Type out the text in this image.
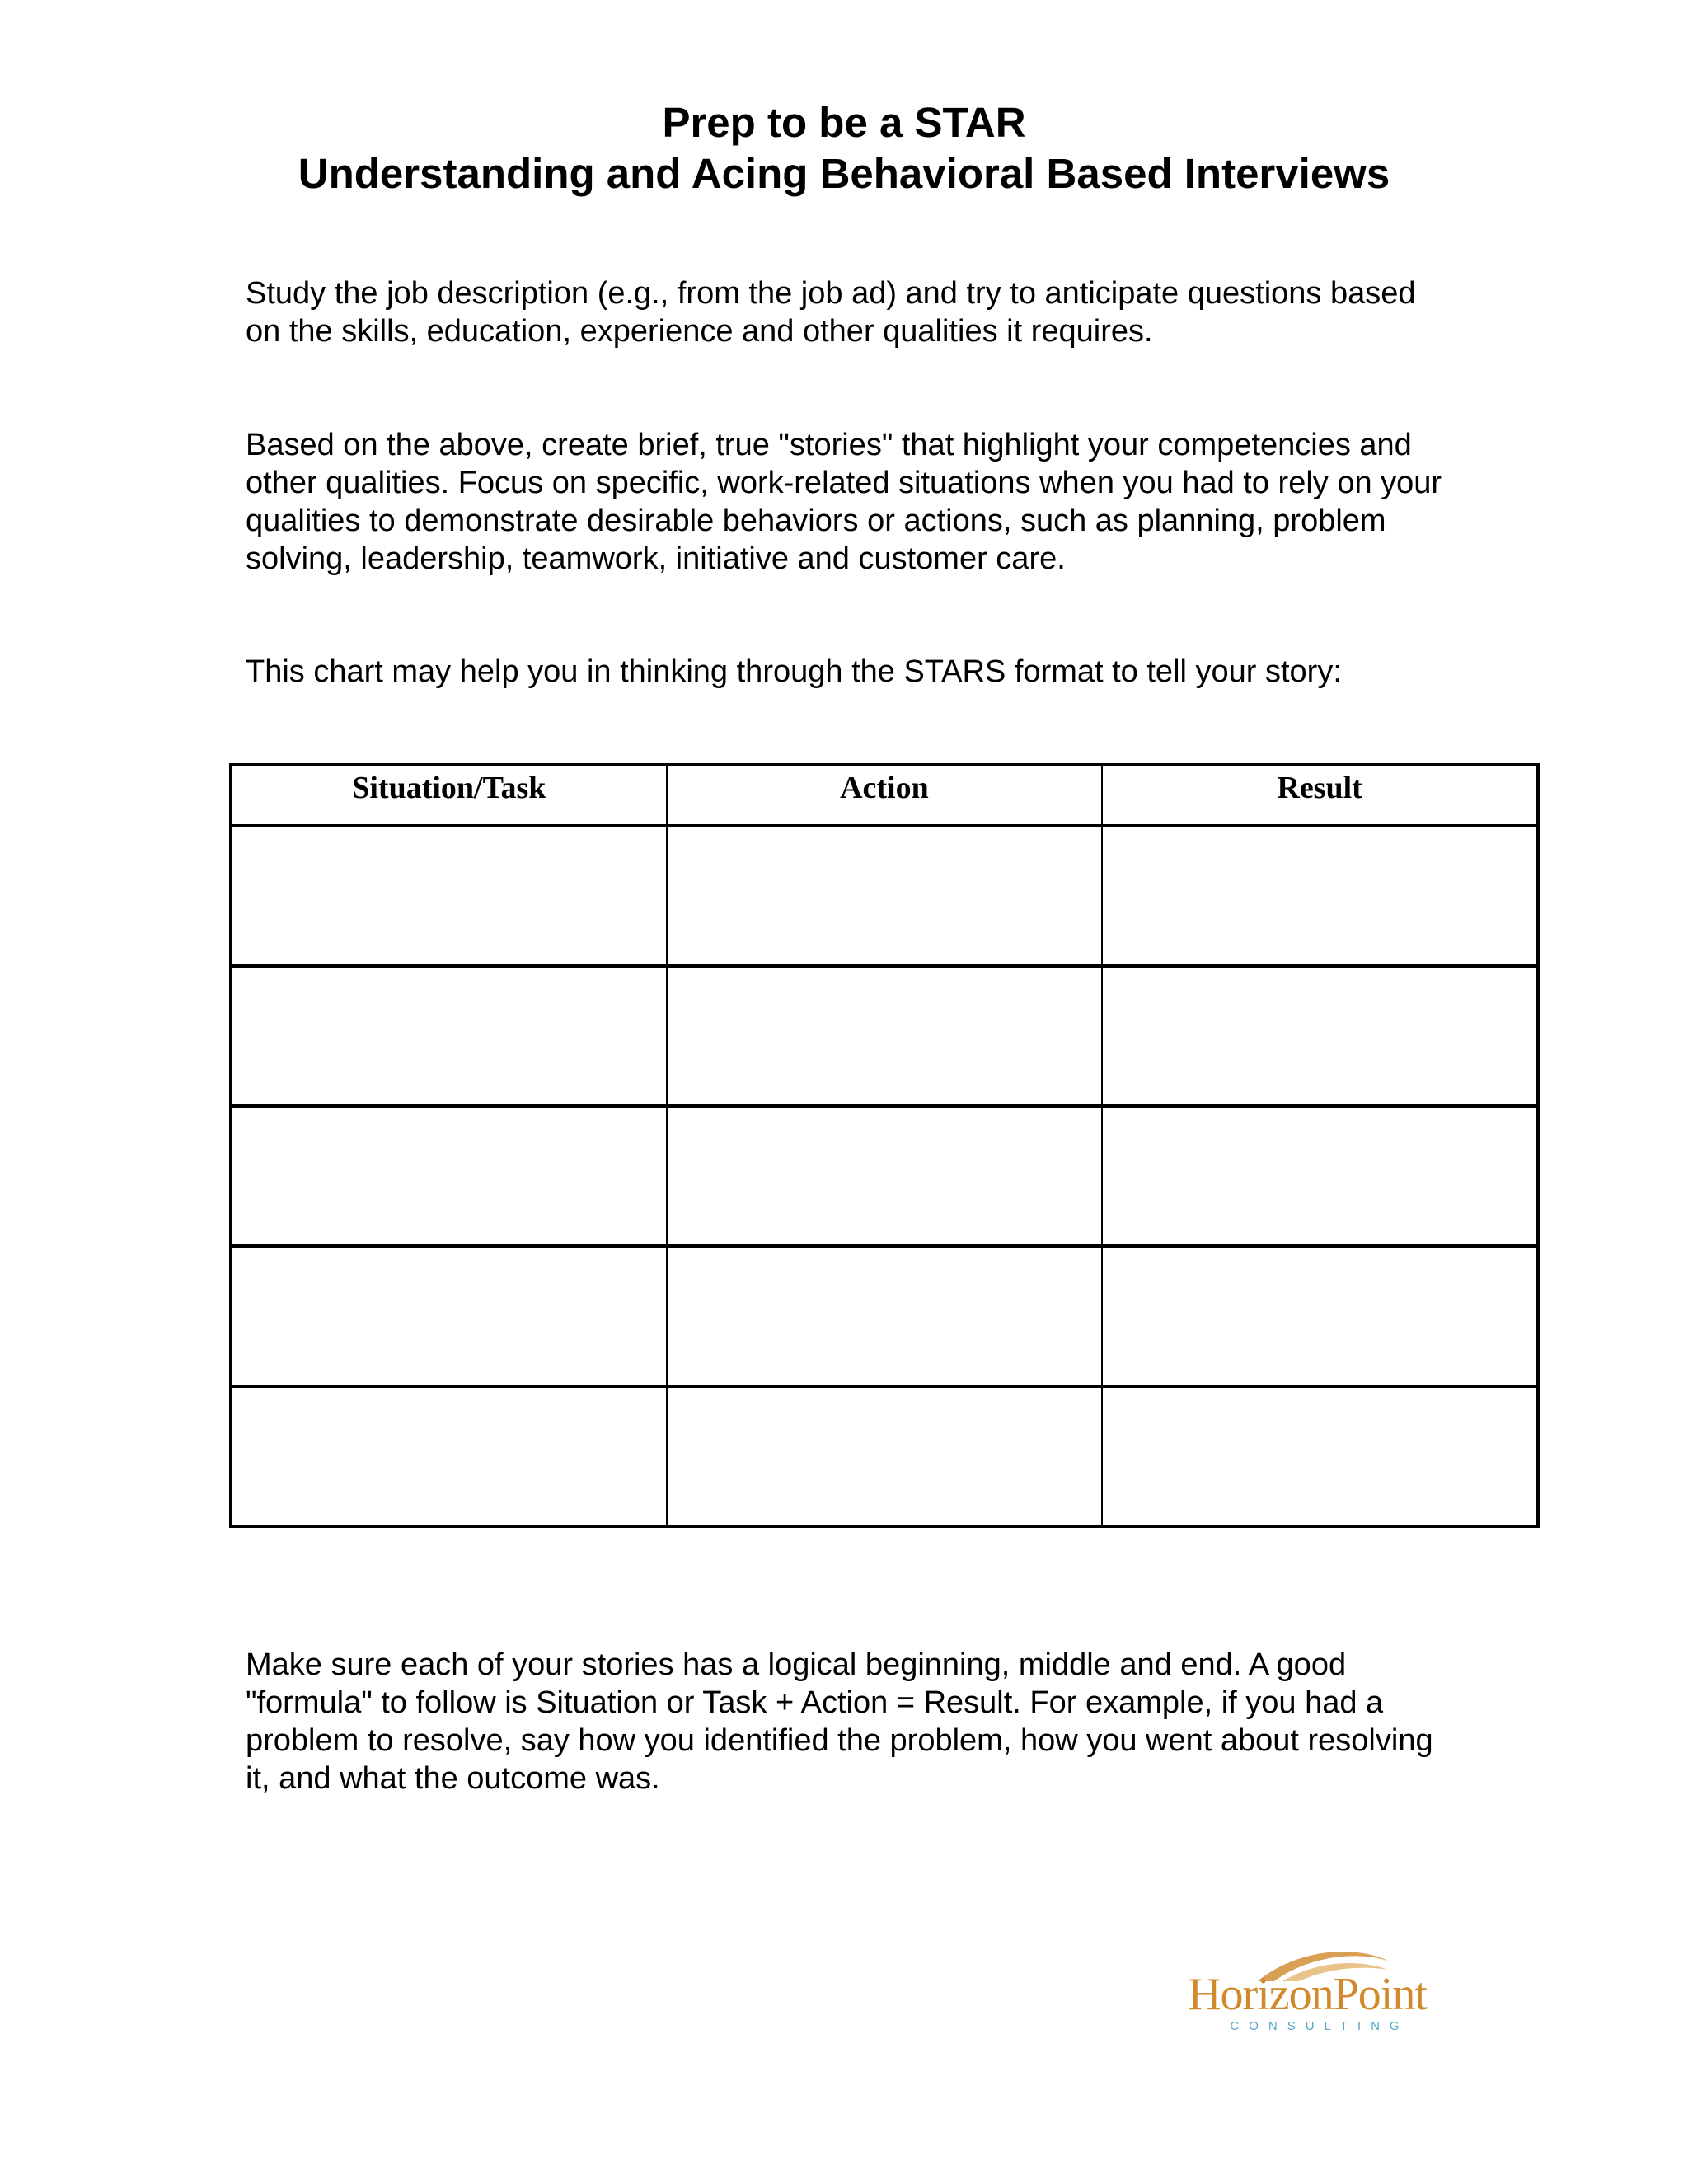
Prep to be a STAR

Understanding and Acing Behavioral Based Interviews

Study the job description (e.g., from the job ad) and try to anticipate questions based on the skills, education, experience and other qualities it requires.

Based on the above, create brief, true "stories" that highlight your competencies and other qualities. Focus on specific, work-related situations when you had to rely on your qualities to demonstrate desirable behaviors or actions, such as planning, problem solving, leadership, teamwork, initiative and customer care.

This chart may help you in thinking through the STARS format to tell your story:

Situation/Task	Action	Result

Make sure each of your stories has a logical beginning, middle and end. A good "formula" to follow is Situation or Task + Action = Result. For example, if you had a problem to resolve, say how you identified the problem, how you went about resolving it, and what the outcome was.

HorizonPoint
CONSULTING
